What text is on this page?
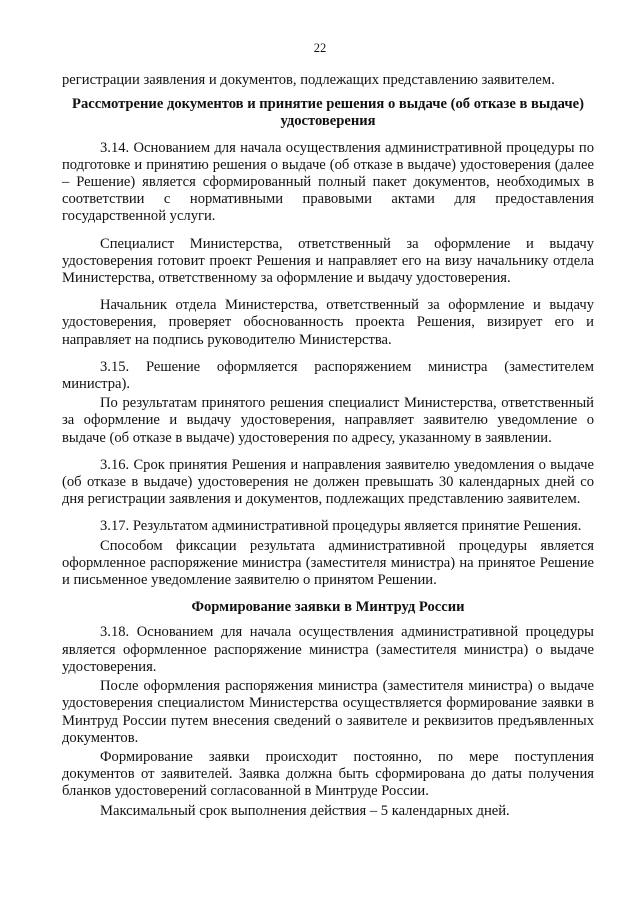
22

регистрации заявления и документов, подлежащих представлению заявителем.

Рассмотрение документов и принятие решения о выдаче (об отказе в выдаче) удостоверения

3.14. Основанием для начала осуществления административной процедуры по подготовке и принятию решения о выдаче (об отказе в выдаче) удостоверения (далее – Решение) является сформированный полный пакет документов, необходимых в соответствии с нормативными правовыми актами для предоставления государственной услуги.

Специалист Министерства, ответственный за оформление и выдачу удостоверения готовит проект Решения и направляет его на визу начальнику отдела Министерства, ответственному за оформление и выдачу удостоверения.

Начальник отдела Министерства, ответственный за оформление и выдачу удостоверения, проверяет обоснованность проекта Решения, визирует его и направляет на подпись руководителю Министерства.

3.15. Решение оформляется распоряжением министра (заместителем министра).

По результатам принятого решения специалист Министерства, ответственный за оформление и выдачу удостоверения, направляет заявителю уведомление о выдаче (об отказе в выдаче) удостоверения по адресу, указанному в заявлении.

3.16. Срок принятия Решения и направления заявителю уведомления о выдаче (об отказе в выдаче) удостоверения не должен превышать 30 календарных дней со дня регистрации заявления и документов, подлежащих представлению заявителем.

3.17. Результатом административной процедуры является принятие Решения.

Способом фиксации результата административной процедуры является оформленное распоряжение министра (заместителя министра) на принятое Решение и письменное уведомление заявителю о принятом Решении.

Формирование заявки в Минтруд России

3.18. Основанием для начала осуществления административной процедуры является оформленное распоряжение министра (заместителя министра) о выдаче удостоверения.

После оформления распоряжения министра (заместителя министра) о выдаче удостоверения специалистом Министерства осуществляется формирование заявки в Минтруд России путем внесения сведений о заявителе и реквизитов предъявленных документов.

Формирование заявки происходит постоянно, по мере поступления документов от заявителей. Заявка должна быть сформирована до даты получения бланков удостоверений согласованной в Минтруде России.

Максимальный срок выполнения действия – 5 календарных дней.
